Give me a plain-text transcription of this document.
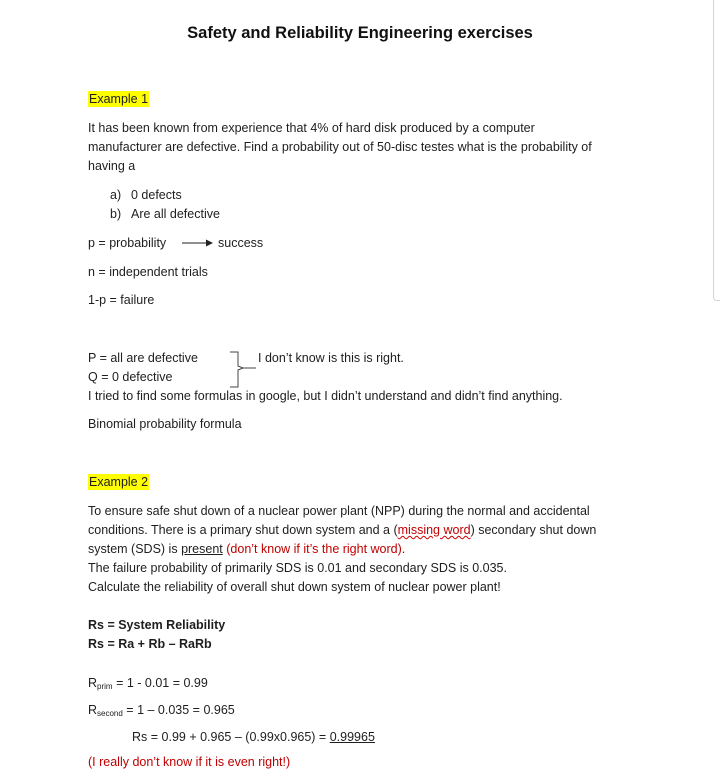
Safety and Reliability Engineering exercises
Example 1
It has been known from experience that 4% of hard disk produced by a computer
manufacturer are defective. Find a probability out of 50-disc testes what is the probability of
having a
a) 0 defects
b) Are all defective
p = probability	success
n = independent trials
1-p = failure
P = all are defective
Q = 0 defective
I don’t know is this is right.
I tried to find some formulas in google, but I didn’t understand and didn’t find anything.
Binomial probability formula
Example 2
To ensure safe shut down of a nuclear power plant (NPP) during the normal and accidental
conditions. There is a primary shut down system and a (missing word) secondary shut down
system (SDS) is present (don’t know if it’s the right word).
The failure probability of primarily SDS is 0.01 and secondary SDS is 0.035.
Calculate the reliability of overall shut down system of nuclear power plant!
Rs = System Reliability
Rs = Ra + Rb – RaRb
$R_{prim} = 1 - 0.01 = 0.99$
$R_{second} = 1 - 0.035 = 0.965$
Rs = 0.99 + 0.965 – (0.99x0.965) = 0.99965
(I really don’t know if it is even right!)
